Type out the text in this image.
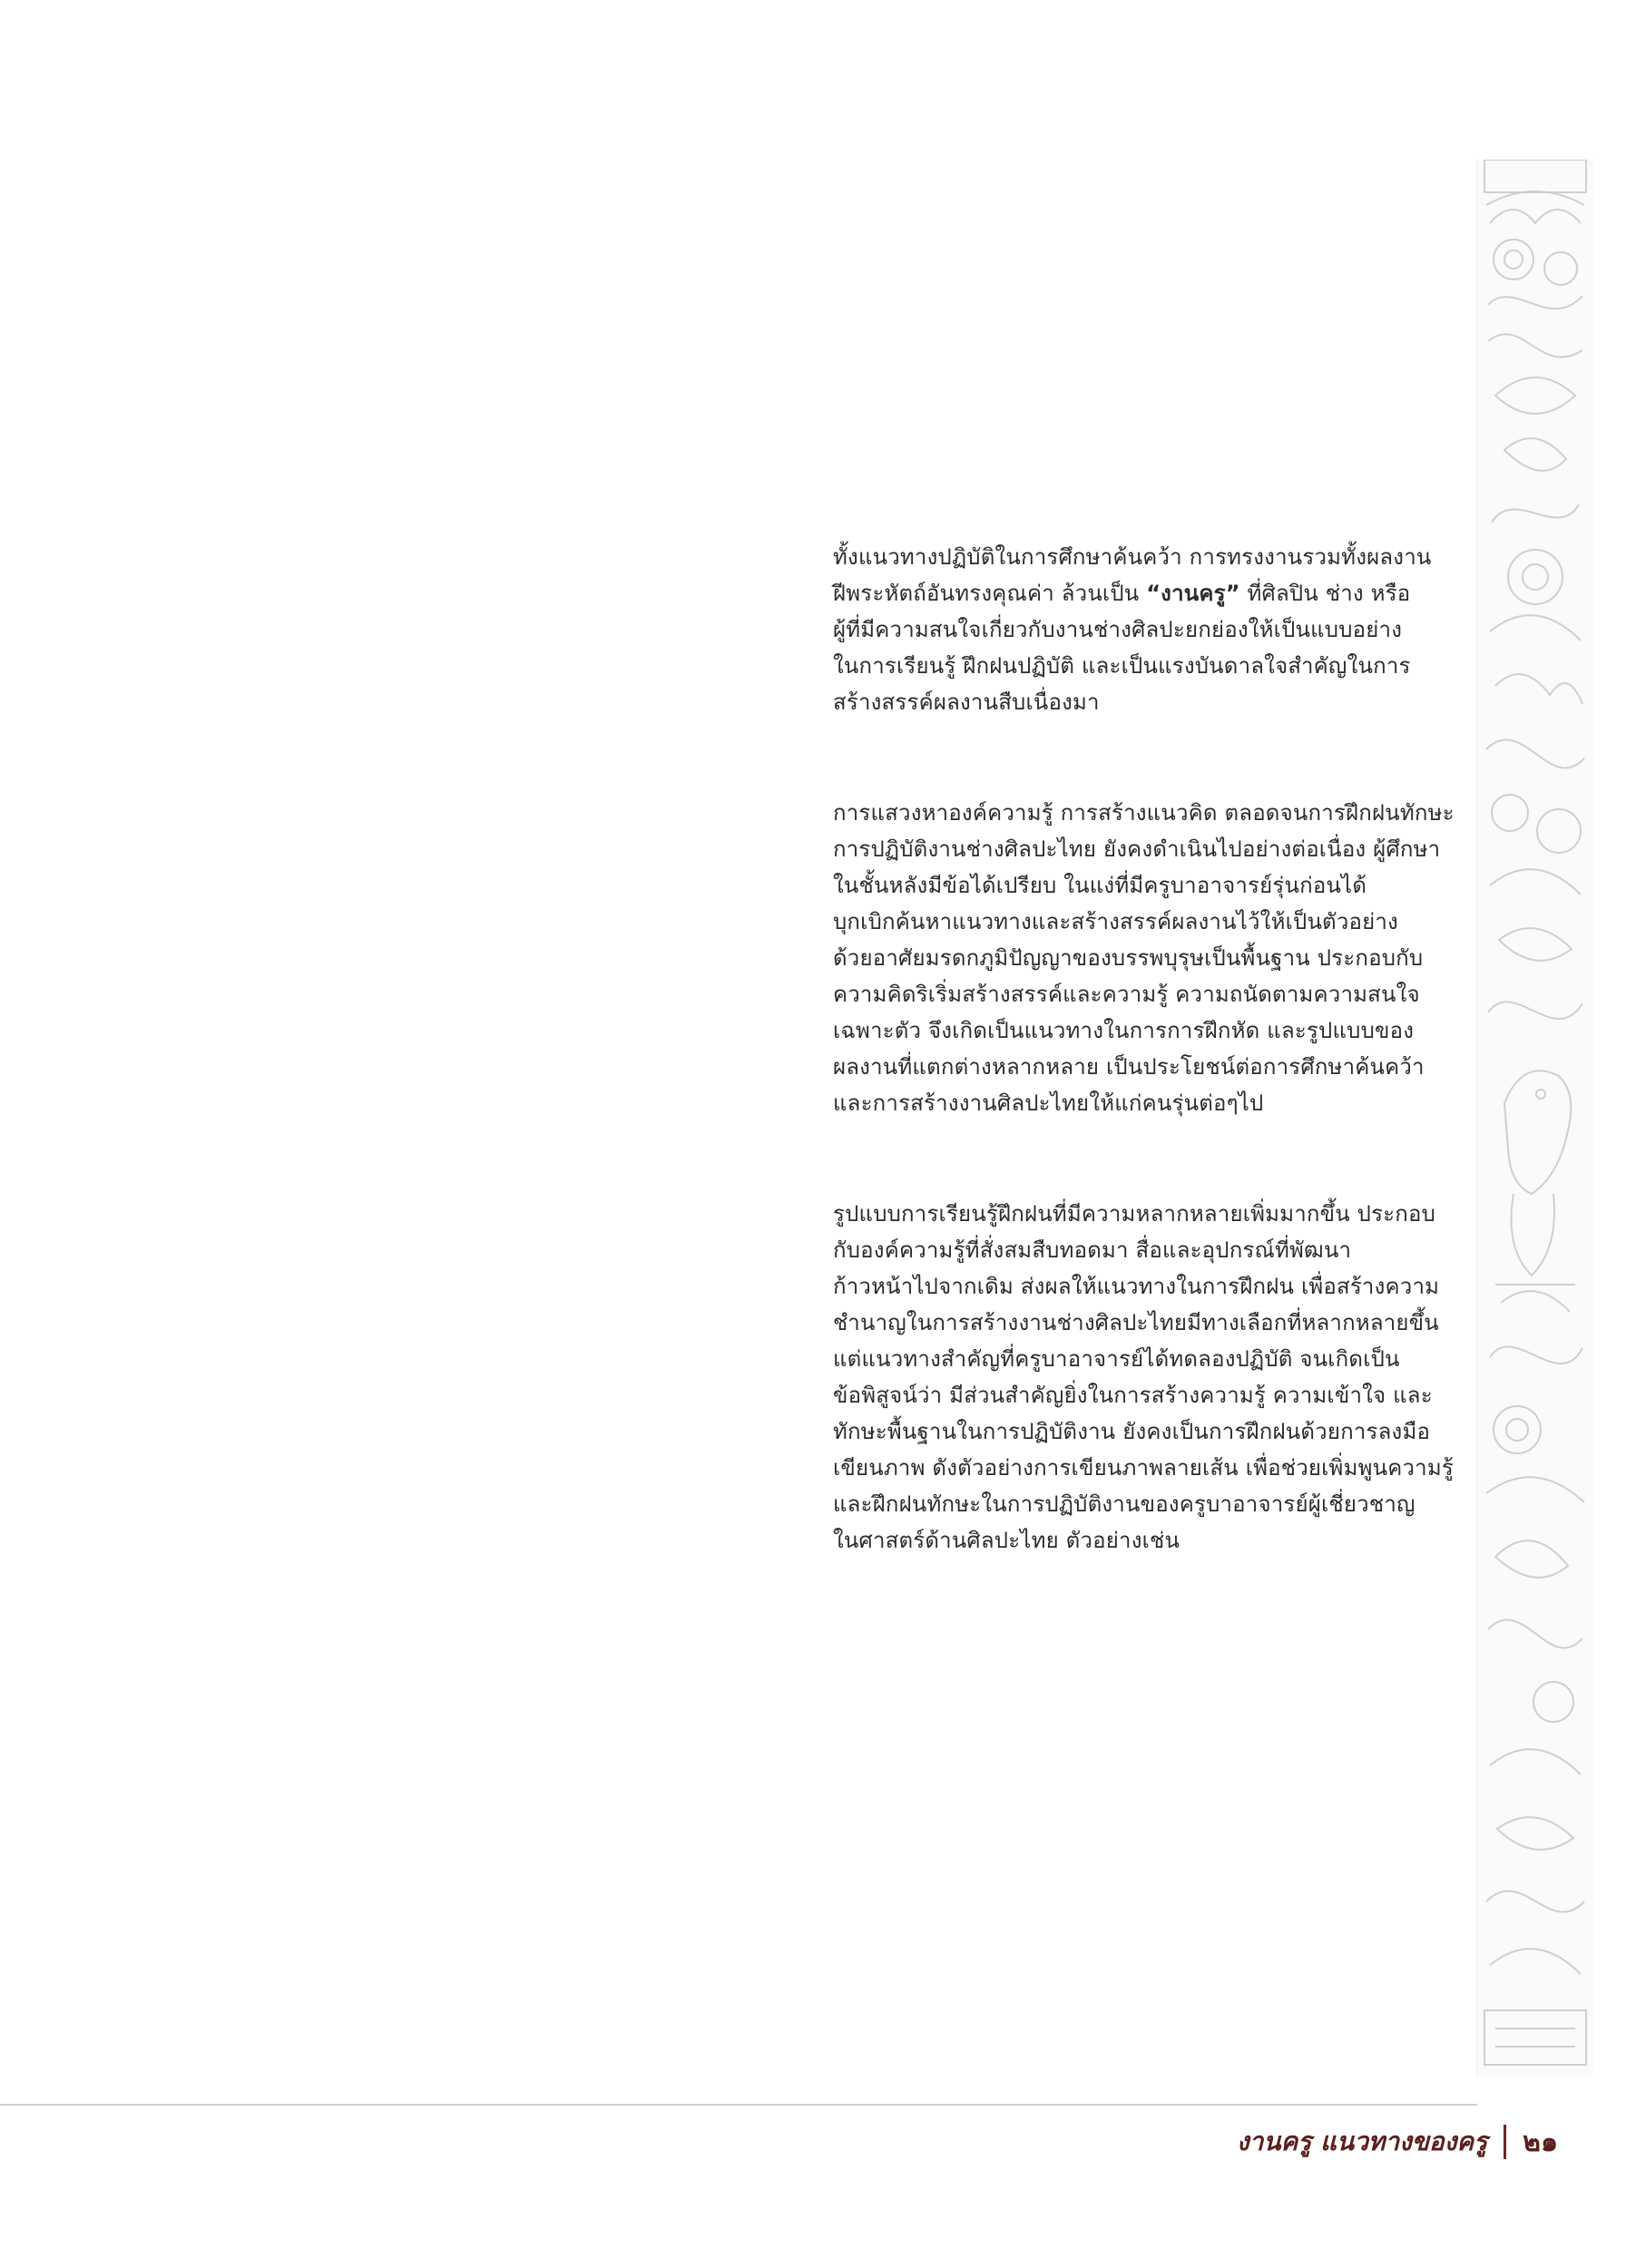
ทั้งแนวทางปฏิบัติในการศึกษาค้นคว้า การทรงงานรวมทั้งผลงาน
ฝีพระหัตถ์อันทรงคุณค่า ล้วนเป็น “งานครู” ที่ศิลปิน ช่าง หรือ
ผู้ที่มีความสนใจเกี่ยวกับงานช่างศิลปะยกย่องให้เป็นแบบอย่าง
ในการเรียนรู้ ฝึกฝนปฏิบัติ และเป็นแรงบันดาลใจสำคัญในการ
สร้างสรรค์ผลงานสืบเนื่องมา

การแสวงหาองค์ความรู้ การสร้างแนวคิด ตลอดจนการฝึกฝนทักษะ
การปฏิบัติงานช่างศิลปะไทย ยังคงดำเนินไปอย่างต่อเนื่อง ผู้ศึกษา
ในชั้นหลังมีข้อได้เปรียบ ในแง่ที่มีครูบาอาจารย์รุ่นก่อนได้
บุกเบิกค้นหาแนวทางและสร้างสรรค์ผลงานไว้ให้เป็นตัวอย่าง
ด้วยอาศัยมรดกภูมิปัญญาของบรรพบุรุษเป็นพื้นฐาน ประกอบกับ
ความคิดริเริ่มสร้างสรรค์และความรู้ ความถนัดตามความสนใจ
เฉพาะตัว จึงเกิดเป็นแนวทางในการการฝึกหัด และรูปแบบของ
ผลงานที่แตกต่างหลากหลาย เป็นประโยชน์ต่อการศึกษาค้นคว้า
และการสร้างงานศิลปะไทยให้แก่คนรุ่นต่อๆไป

รูปแบบการเรียนรู้ฝึกฝนที่มีความหลากหลายเพิ่มมากขึ้น ประกอบ
กับองค์ความรู้ที่สั่งสมสืบทอดมา สื่อและอุปกรณ์ที่พัฒนา
ก้าวหน้าไปจากเดิม ส่งผลให้แนวทางในการฝึกฝน เพื่อสร้างความ
ชำนาญในการสร้างงานช่างศิลปะไทยมีทางเลือกที่หลากหลายขึ้น
แต่แนวทางสำคัญที่ครูบาอาจารย์ได้ทดลองปฏิบัติ จนเกิดเป็น
ข้อพิสูจน์ว่า มีส่วนสำคัญยิ่งในการสร้างความรู้ ความเข้าใจ และ
ทักษะพื้นฐานในการปฏิบัติงาน ยังคงเป็นการฝึกฝนด้วยการลงมือ
เขียนภาพ ดังตัวอย่างการเขียนภาพลายเส้น เพื่อช่วยเพิ่มพูนความรู้
และฝึกฝนทักษะในการปฏิบัติงานของครูบาอาจารย์ผู้เชี่ยวชาญ
ในศาสตร์ด้านศิลปะไทย ตัวอย่างเช่น

งานครู แนวทางของครู ๒๑
